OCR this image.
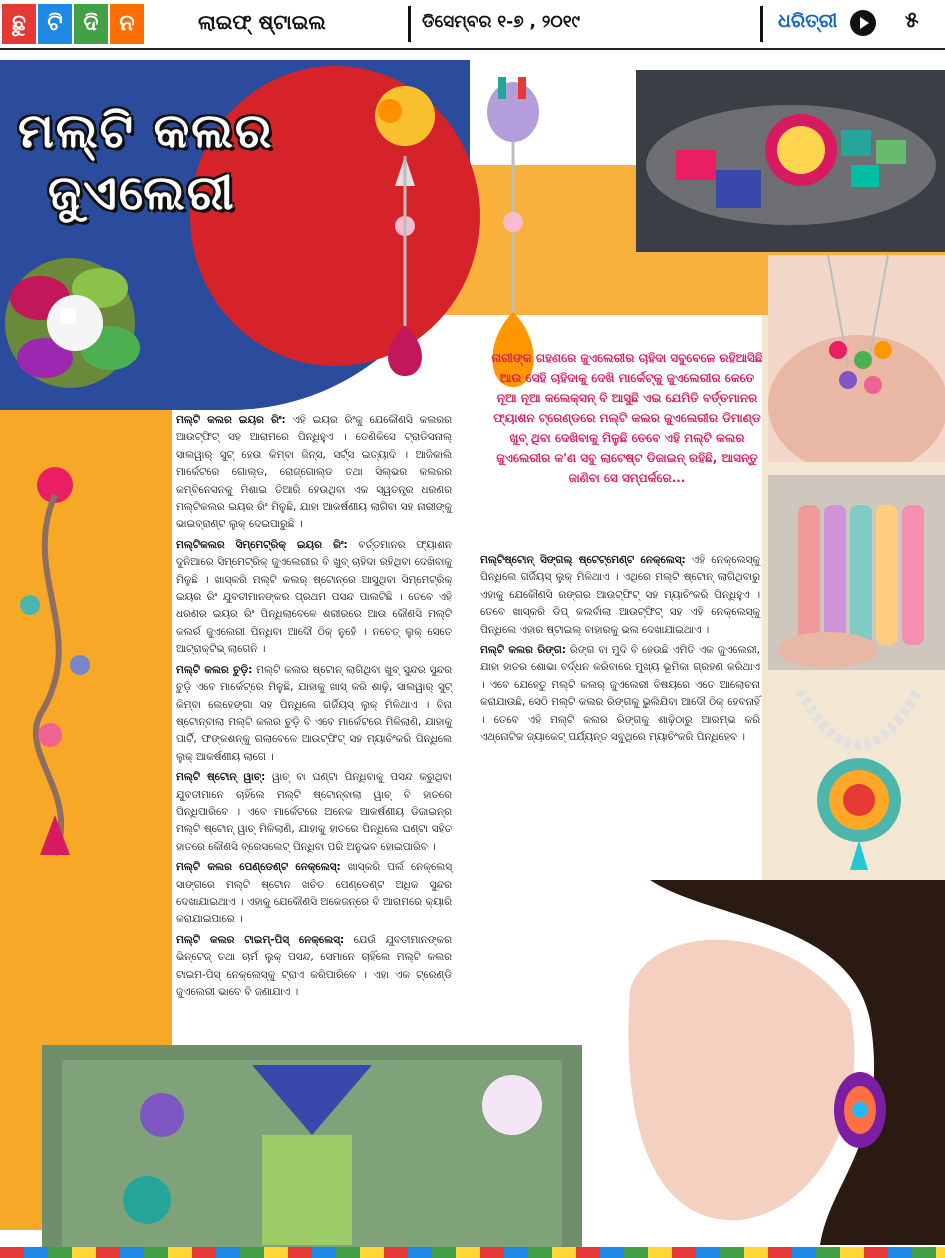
ଛୁ ଟି ଦି ନ	ଲାଇଫ୍ ଷ୍ଟାଇଲ	ଡିସେମ୍ବର ୧-୭ , ୨୦୧୯	ଧରିତ୍ରୀ	୫
ମଲ୍ଟି କଲର
ଜୁଏଲେରୀ
ନାରୀଙ୍କ ଗହଣରେ ଜୁଏଲେରୀର ଚାହିଦା ସବୁବେଳେ ରହିଆସିଛି ଆଉ ସେହି ଚାହିଦାକୁ ଦେଖି ମାର୍କେଟ୍କୁ ଜୁଏଲେରୀର କେତେ ନୂଆ ନୂଆ କଲେକ୍ସନ୍ ବି ଆସୁଛି ଏଇ ଯେମିତି ବର୍ତ୍ତମାନର ଫ୍ୟାଶନ ଟ୍ରେଣ୍ଡରେ ମଲ୍ଟି କଲର ଜୁଏଲେରୀର ଡିମାଣ୍ଡ ଖୁବ୍ ଥିବା ଦେଖିବାକୁ ମିଳୁଛି ତେବେ ଏହି ମଲ୍ଟି କଲର ଜୁଏଲେରୀର କ'ଣ ସବୁ ଲାଟେଷ୍ଟ ଡିଜାଇନ୍ ରହିଛି, ଆସନ୍ତୁ ଜାଣିବା ସେ ସମ୍ପର୍କରେ...

ମଲ୍ଟି କଲର ଇୟର ରିଂ: ଏହି ଇୟର ରିଂକୁ ଯେକୌଣସି କଲରର ଆଉଟ୍ଫିଟ୍ ସହ ଆରାମରେ ପିନ୍ଧିହୁଏ । ତେଣିକିସେ ଟ୍ରାଡିସନାଲ୍ ସାଲୱାର୍ ସୁଟ୍ ହେଉ କିମ୍ବା ଜିନ୍ସ, ସର୍ଟ୍ସ ଇତ୍ୟାଦି । ଆଜିକାଲି ମାର୍କେଟରେ ଗୋଲ୍ଡ, ରୋଜ୍ଗୋଲ୍ଡ ତଥା ସିଲ୍ଭର କଲରର କମ୍ବିନେସନକୁ ମିଶାଇ ତିଆରି ହେଉଥିବା ଏକ ସ୍ୱତନ୍ତ୍ର ଧରଣର ମଲ୍ଟିକଲର ଇୟର ରିଂ ମିଳୁଛି, ଯାହା ଆକର୍ଷଣୀୟ ଲାଗିବା ସହ ନାରୀଙ୍କୁ ଭାଇବ୍ରାଣ୍ଟ ଲୁକ୍ ଦେଇପାରୁଛି ।

ମଲ୍ଟିକଲର ସିମ୍ମେଟ୍ରିକ୍ ଇୟର ରିଂ: ବର୍ତ୍ତମାନର ଫ୍ୟାଶନ ଦୁନିଆରେ ସିମ୍ମେଟ୍ରିକ୍ ଜୁଏଲେରୀର ବି ଖୁବ୍ ଚାହିଦା ରହିଥିବା ଦେଖିବାକୁ ମିଳୁଛି । ଖାସ୍କରି ମଲ୍ଟି କଲର୍ ଷ୍ଟୋନ୍ରେ ଆସୁଥିବା ସିମ୍ମେଟ୍ରିକ୍ ଇୟର ରିଂ ଯୁବତୀମାନଙ୍କର ପ୍ରଥମ ପସନ୍ଦ ପାଲଟିଛି । ତେବେ ଏହି ଧରଣର ଇୟର ରିଂ ପିନ୍ଧିଲାବେଳେ ଶରୀରରେ ଆଉ କୌଣସି ମଲ୍ଟି କଲର୍ର ଜୁଏଲେରୀ ପିନ୍ଧିବା ଆଦୌ ଠିକ୍ ନୁହେଁ । ନଚେତ୍ ଲୁକ୍ ସେତେ ଆଟ୍ରାକ୍ଟିଭ୍ ଲାଗେନି ।

ମଲ୍ଟି କଲର ଚୁଡ଼ି: ମଲ୍ଟି କଲର ଷ୍ଟୋନ୍ ଲାଗିଥିବା ଖୁବ୍ ସୁନ୍ଦର ସୁନ୍ଦର ଚୁଡ଼ି ଏବେ ମାର୍କେଟ୍ରେ ମିଳୁଛି, ଯାହାକୁ ଖାସ୍ କରି ଶାଢ଼ି, ସାଲୱାର୍ ସୁଟ୍ କିମ୍ବା ଲେହେଙ୍ଗା ସହ ପିନ୍ଧିଲେ ଗର୍ଜିୟସ୍ ଲୁକ୍ ମିଳିଥାଏ । ବିନା ଷ୍ଟୋନ୍ବାଲା ମଲ୍ଟି କଲର ଚୁଡ଼ି ବି ଏବେ ମାର୍କେଟରେ ମିଳିଲାଣି, ଯାହାକୁ ପାର୍ଟି, ଫଙ୍କଶନ୍କୁ ଗଲାବେଳେ ଆଉଟ୍ଫିଟ୍ ସହ ମ୍ୟାଚିଂକରି ପିନ୍ଧିଲେ ଲୁକ୍ ଆକର୍ଷଣୀୟ ଲାଗେ ।

ମଲ୍ଟି ଷ୍ଟୋନ୍ ୱାଚ୍: ୱାଚ୍ ବା ଘଣ୍ଟା ପିନ୍ଧିବାକୁ ପସନ୍ଦ କରୁଥିବା ଯୁବତୀମାନେ ଚାହିଁଲେ ମଲ୍ଟି ଷ୍ଟୋନ୍ବାଲା ୱାଚ୍ ବି ହାତରେ ପିନ୍ଧିପାରିବେ । ଏବେ ମାର୍କେଟରେ ଅନେକ ଆକର୍ଷଣୀୟ ଡିଜାଇନ୍ର ମଲ୍ଟି ଷ୍ଟୋନ୍ ୱାଚ୍ ମିଳିଲାଣି, ଯାହାକୁ ହାତରେ ପିନ୍ଧିଲେ ଘଣ୍ଟା ସହିତ ହାତରେ କୌଣସି ବ୍ରେସଲେଟ୍ ପିନ୍ଧିବା ପରି ଅନୁଭବ ହୋଇପାରିବ ।

ମଲ୍ଟି କଲର ପେଣ୍ଡେଣ୍ଟ ନେକ୍ଲେସ୍: ଖାସ୍କରି ପର୍ଲ ନେକ୍ଲେସ୍ ସାଙ୍ଗରେ ମଲ୍ଟି ଷ୍ଟୋନ ଖଚିତ ପେଣ୍ଡେଣ୍ଟ ଅଧିକ ସୁନ୍ଦର ଦେଖାଯାଇଥାଏ । ଏହାକୁ ଯେକୌଣସି ଅକେଜନ୍ରେ ବି ଆରାମରେ କ୍ୟାରି କରାଯାଇପାରେ ।

ମଲ୍ଟି କଲର ଟାଇମ୍-ପିସ୍ ନେକ୍ଲେସ୍: ଯେଉଁ ଯୁବତୀମାନଙ୍କର ଭିନ୍ଟେଜ୍ ତଥା ଚାର୍ମ ଲୁକ୍ ପସନ୍ଦ, ସେମାନେ ଚାହିଁଲେ ମଲ୍ଟି କଲର ଟାଇମ-ପିସ୍ ନେକ୍ଲେସ୍କୁ ଟ୍ରାଏ କରିପାରିବେ । ଏହା ଏକ ଟ୍ରେଣ୍ଡି ଜୁଏଲେରୀ ଭାବେ ବି ଜଣାଯାଏ ।

ମଲ୍ଟିଷ୍ଟୋନ୍ ସିଙ୍ଗଲ୍ ଷ୍ଟେଟ୍ମେଣ୍ଟ ନେକ୍ଲେସ୍: ଏହି ନେକ୍ଲେସ୍କୁ ପିନ୍ଧିଲେ ଗର୍ଜିୟସ୍ ଲୁକ୍ ମିଳିଥାଏ । ଏଥିରେ ମଲ୍ଟି ଷ୍ଟୋନ୍ ଲାଗିଥିବାରୁ ଏହାକୁ ଯେକୌଣସି ରଙ୍ଗର ଆଉଟ୍ଫିଟ୍ ସହ ମ୍ୟାଚିଂକରି ପିନ୍ଧିହୁଏ । ତେବେ ଖାସ୍କରି ଡିପ୍ କଲର୍ବାଲା ଆଉଟ୍ଫିଟ୍ ସହ ଏହି ନେକ୍ଲେସ୍କୁ ପିନ୍ଧିଲେ ଏହାର ଷ୍ଟାଇଲ୍ ବାହାରକୁ ଭଲ ଦେଖାଯାଇଥାଏ ।

ମଲ୍ଟି କଲର ରିଙ୍ଗ: ରିଙ୍ଗ ବା ମୁଦି ବି ହେଉଛି ଏମିତି ଏକ ଜୁଏଲେରୀ, ଯାହା ହାତର ଶୋଭା ବର୍ଦ୍ଧନ କରିବାରେ ମୁଖ୍ୟ ଭୂମିକା ଗ୍ରହଣ କରିଥାଏ । ଏବେ ଯେହେତୁ ମଲ୍ଟି କଲର୍ ଜୁଏଲେରୀ ବିଷୟରେ ଏତେ ଆଲୋଚନା କରାଯାଉଛି, ସେଠି ମଲ୍ଟି କଲର ରିଙ୍ଗକୁ ଭୁଲିଯିବା ଆଦୌ ଠିକ୍ ହେବନାହିଁ । ତେବେ ଏହି ମଲ୍ଟି କଲର ରିଙ୍ଗକୁ ଶାଢ଼ିଠାରୁ ଆରମ୍ଭ କରି ଏଥ୍ନୋଟିକ ଜ୍ୟାକେଟ୍ ପର୍ଯ୍ୟନ୍ତ ସବୁଥିରେ ମ୍ୟାଚିଂକରି ପିନ୍ଧିହେବ ।
